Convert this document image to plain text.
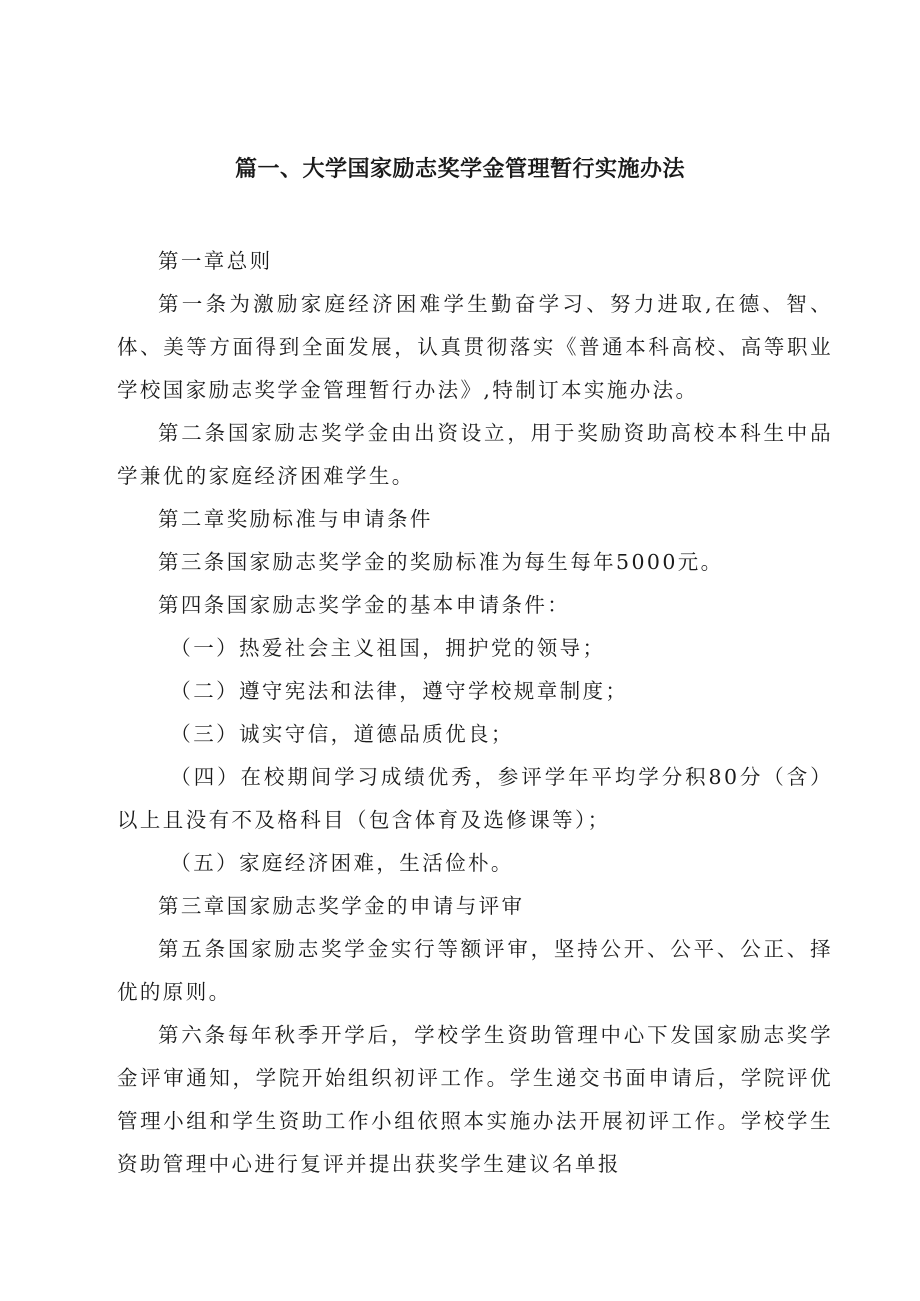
篇一、大学国家励志奖学金管理暂行实施办法

第一章总则

第一条为激励家庭经济困难学生勤奋学习、努力进取,在德、智、体、美等方面得到全面发展，认真贯彻落实《普通本科高校、高等职业学校国家励志奖学金管理暂行办法》,特制订本实施办法。

第二条国家励志奖学金由出资设立，用于奖励资助高校本科生中品学兼优的家庭经济困难学生。

第二章奖励标准与申请条件

第三条国家励志奖学金的奖励标准为每生每年5000元。

第四条国家励志奖学金的基本申请条件：

（一）热爱社会主义祖国，拥护党的领导；

（二）遵守宪法和法律，遵守学校规章制度；

（三）诚实守信，道德品质优良；

（四）在校期间学习成绩优秀，参评学年平均学分积80分（含）以上且没有不及格科目（包含体育及选修课等）；

（五）家庭经济困难，生活俭朴。

第三章国家励志奖学金的申请与评审

第五条国家励志奖学金实行等额评审，坚持公开、公平、公正、择优的原则。

第六条每年秋季开学后，学校学生资助管理中心下发国家励志奖学金评审通知，学院开始组织初评工作。学生递交书面申请后，学院评优管理小组和学生资助工作小组依照本实施办法开展初评工作。学校学生资助管理中心进行复评并提出获奖学生建议名单报
